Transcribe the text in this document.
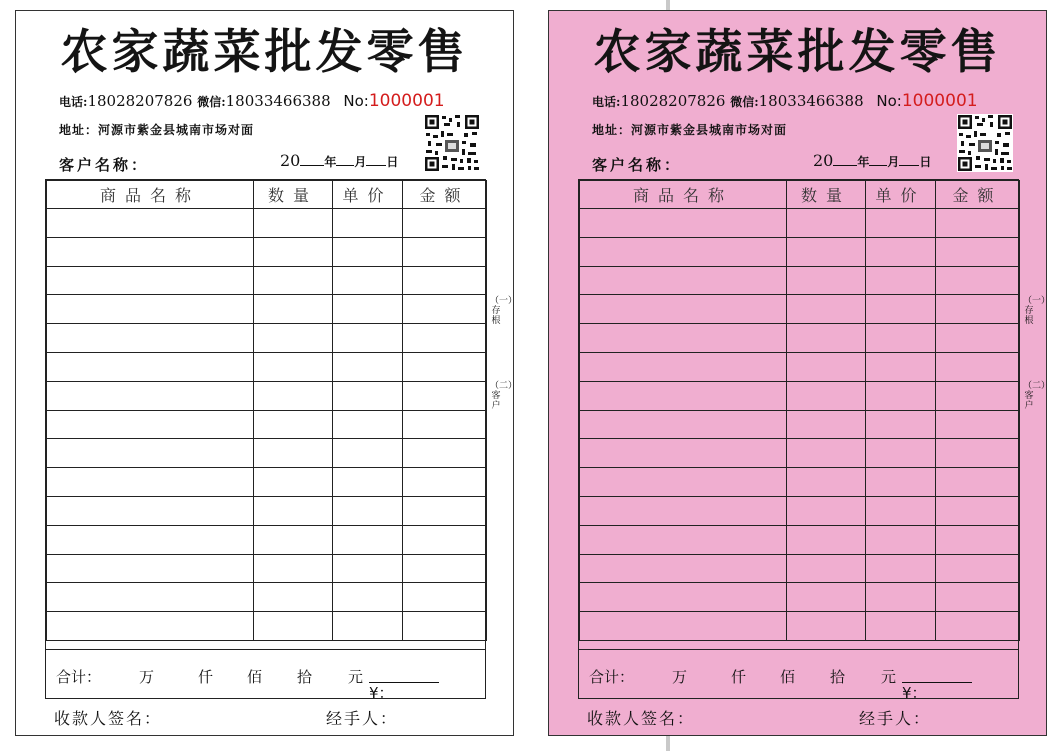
农家蔬菜批发零售
电话:18028207826 微信:18033466388 No:1000001
地址：河源市紫金县城南市场对面
客户名称：	20 年 月 日
商品名称	数量	单价	金额

合计：	万	仟 佰 拾 元
¥：
（一）存根
（二）客户
收款人签名：	经手人：
农家蔬菜批发零售
电话:18028207826 微信:18033466388 No:1000001
地址：河源市紫金县城南市场对面
客户名称：	20 年 月 日
商品名称	数量	单价	金额

合计：	万	仟 佰 拾 元
¥：
（一）存根
（二）客户
收款人签名：	经手人：
